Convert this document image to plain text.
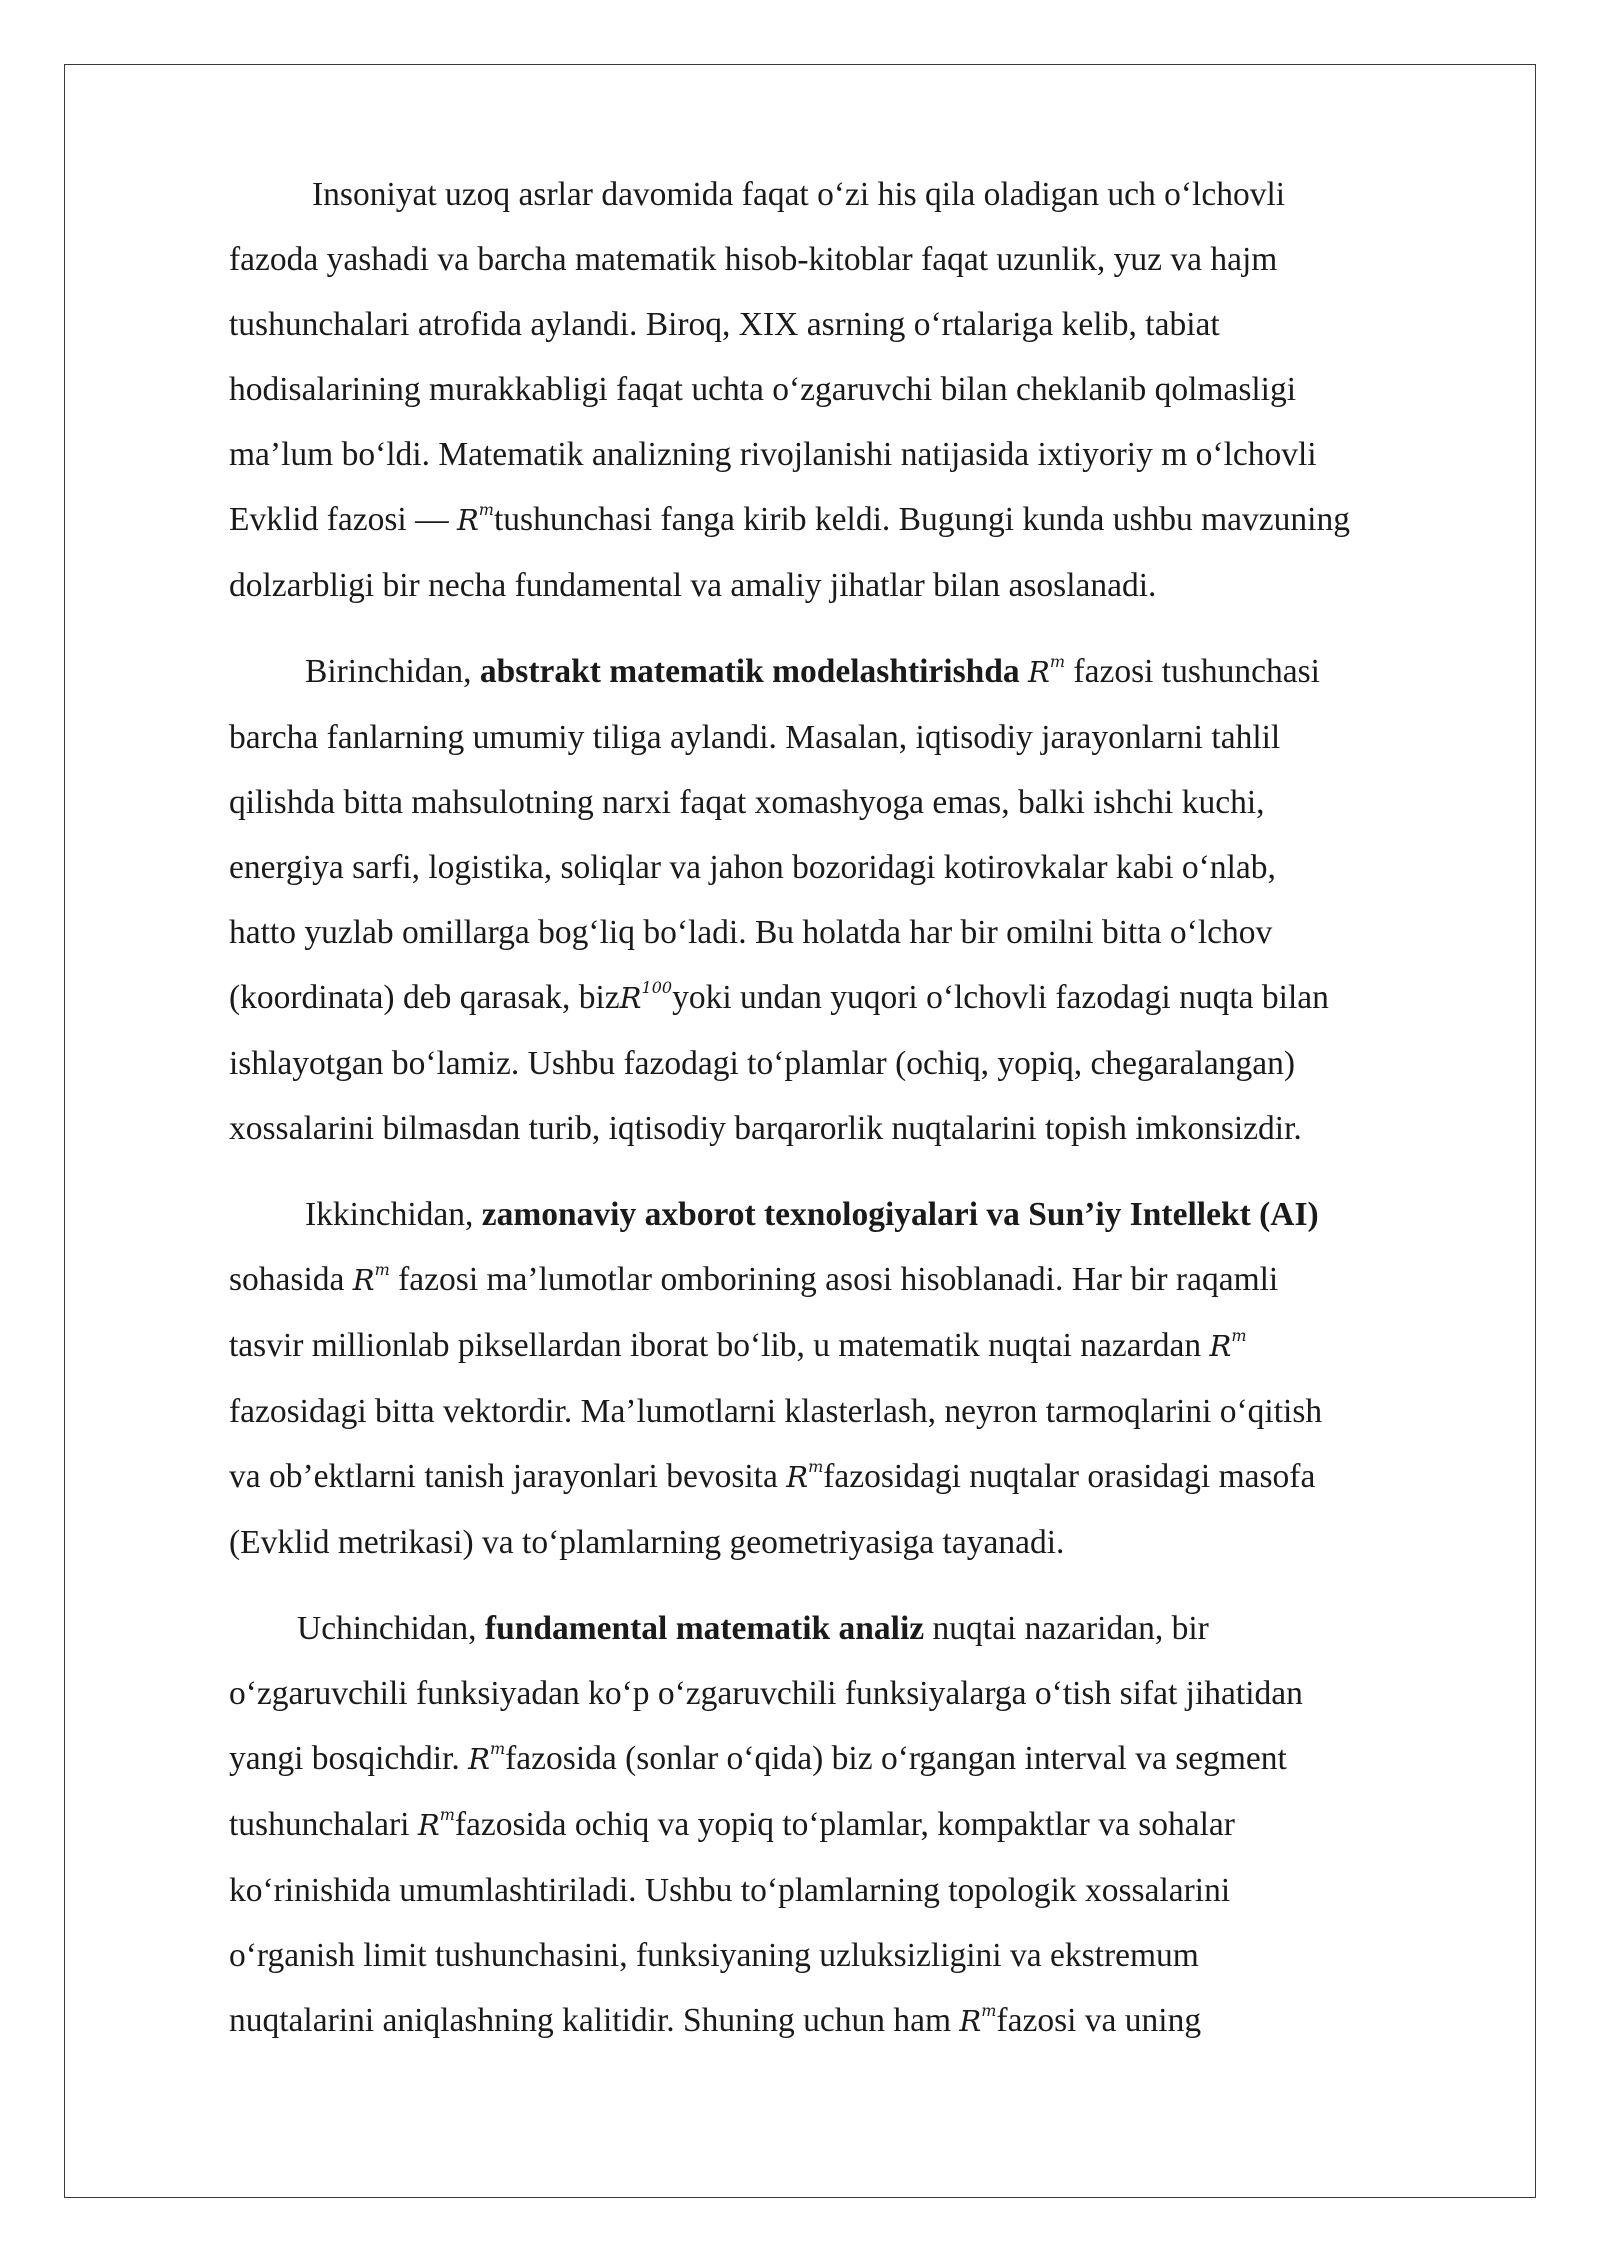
Insoniyat uzoq asrlar davomida faqat o‘zi his qila oladigan uch o‘lchovli
fazoda yashadi va barcha matematik hisob-kitoblar faqat uzunlik, yuz va hajm
tushunchalari atrofida aylandi. Biroq, XIX asrning o‘rtalariga kelib, tabiat
hodisalarining murakkabligi faqat uchta o‘zgaruvchi bilan cheklanib qolmasligi
ma’lum bo‘ldi. Matematik analizning rivojlanishi natijasida ixtiyoriy m o‘lchovli
Evklid fazosi — $R^mtushunchasi$ fanga kirib keldi. Bugungi kunda ushbu mavzuning
dolzarbligi bir necha fundamental va amaliy jihatlar bilan asoslanadi.

Birinchidan, abstrakt matematik modelashtirishda $R^m$ fazosi tushunchasi
barcha fanlarning umumiy tiliga aylandi. Masalan, iqtisodiy jarayonlarni tahlil
qilishda bitta mahsulotning narxi faqat xomashyoga emas, balki ishchi kuchi,
energiya sarfi, logistika, soliqlar va jahon bozoridagi kotirovkalar kabi o‘nlab,
hatto yuzlab omillarga bog‘liq bo‘ladi. Bu holatda har bir omilni bitta o‘lchov
(koordinata) deb qarasak, bizR$^{100}$yoki undan yuqori o‘lchovli fazodagi nuqta bilan
ishlayotgan bo‘lamiz. Ushbu fazodagi to‘plamlar (ochiq, yopiq, chegaralangan)
xossalarini bilmasdan turib, iqtisodiy barqarorlik nuqtalarini topish imkonsizdir.

Ikkinchidan, zamonaviy axborot texnologiyalari va Sun’iy Intellekt (AI)
sohasida $R^m$ fazosi ma’lumotlar omborining asosi hisoblanadi. Har bir raqamli
tasvir millionlab piksellardan iborat bo‘lib, u matematik nuqtai nazardan $R^m$
fazosidagi bitta vektordir. Ma’lumotlarni klasterlash, neyron tarmoqlarini o‘qitish
va ob’ektlarni tanish jarayonlari bevosita $R^mfazosidagi$ nuqtalar orasidagi masofa
(Evklid metrikasi) va to‘plamlarning geometriyasiga tayanadi.

Uchinchidan, fundamental matematik analiz nuqtai nazaridan, bir
o‘zgaruvchili funksiyadan ko‘p o‘zgaruvchili funksiyalarga o‘tish sifat jihatidan
yangi bosqichdir. $R^mfazosida$ (sonlar o‘qida) biz o‘rgangan interval va segment
tushunchalari $R^mfazosida$ ochiq va yopiq to‘plamlar, kompaktlar va sohalar
ko‘rinishida umumlashtiriladi. Ushbu to‘plamlarning topologik xossalarini
o‘rganish limit tushunchasini, funksiyaning uzluksizligini va ekstremum
nuqtalarini aniqlashning kalitidir. Shuning uchun ham $R^mfazosi$ va uning
